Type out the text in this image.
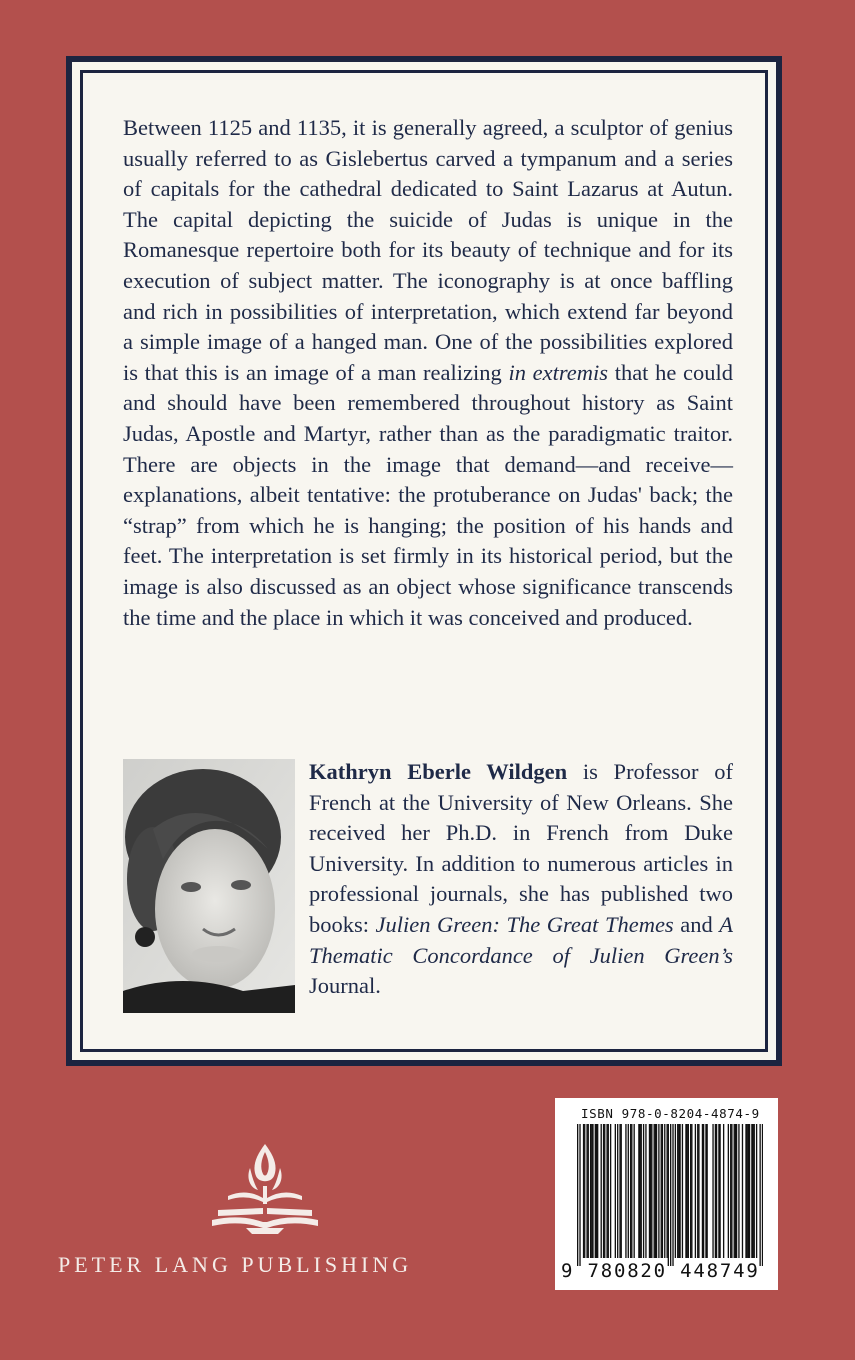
Between 1125 and 1135, it is generally agreed, a sculptor of genius usually referred to as Gislebertus carved a tympanum and a series of capitals for the cathedral dedicated to Saint Lazarus at Autun. The capital depicting the suicide of Judas is unique in the Romanesque repertoire both for its beauty of technique and for its execution of subject matter. The iconography is at once baffling and rich in possibilities of interpretation, which extend far beyond a simple image of a hanged man. One of the possibilities explored is that this is an image of a man realizing in extremis that he could and should have been remembered throughout history as Saint Judas, Apostle and Martyr, rather than as the paradigmatic traitor. There are objects in the image that demand—and receive—explanations, albeit tentative: the protuberance on Judas' back; the “strap” from which he is hanging; the position of his hands and feet. The interpretation is set firmly in its historical period, but the image is also discussed as an object whose significance transcends the time and the place in which it was conceived and produced.

Kathryn Eberle Wildgen is Professor of French at the University of New Orleans. She received her Ph.D. in French from Duke University. In addition to numerous articles in professional journals, she has published two books: Julien Green: The Great Themes and A Thematic Concordance of Julien Green’s Journal.

PETER LANG PUBLISHING
ISBN 978-0-8204-4874-9
9 780820 448749
